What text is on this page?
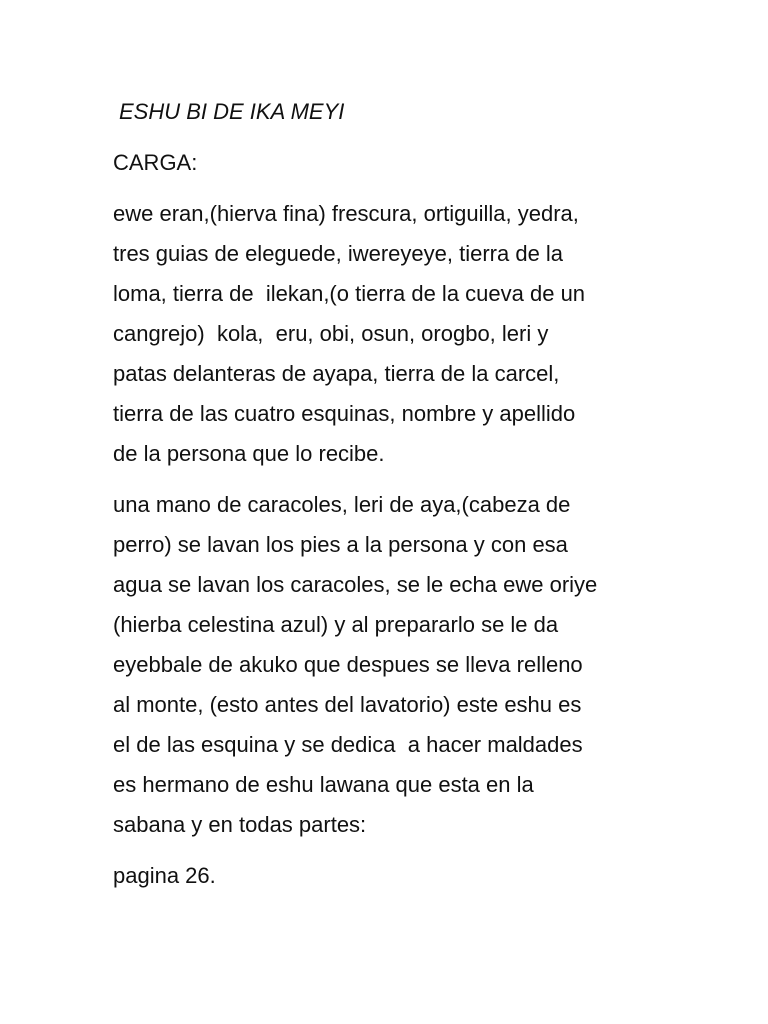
ESHU BI DE IKA MEYI
CARGA:
ewe eran,(hierva fina) frescura, ortiguilla, yedra,
tres guias de eleguede, iwereyeye, tierra de la
loma, tierra de  ilekan,(o tierra de la cueva de un
cangrejo)  kola,  eru, obi, osun, orogbo, leri y
patas delanteras de ayapa, tierra de la carcel,
tierra de las cuatro esquinas, nombre y apellido
de la persona que lo recibe.
una mano de caracoles, leri de aya,(cabeza de
perro) se lavan los pies a la persona y con esa
agua se lavan los caracoles, se le echa ewe oriye
(hierba celestina azul) y al prepararlo se le da
eyebbale de akuko que despues se lleva relleno
al monte, (esto antes del lavatorio) este eshu es
el de las esquina y se dedica  a hacer maldades
es hermano de eshu lawana que esta en la
sabana y en todas partes:
pagina 26.
